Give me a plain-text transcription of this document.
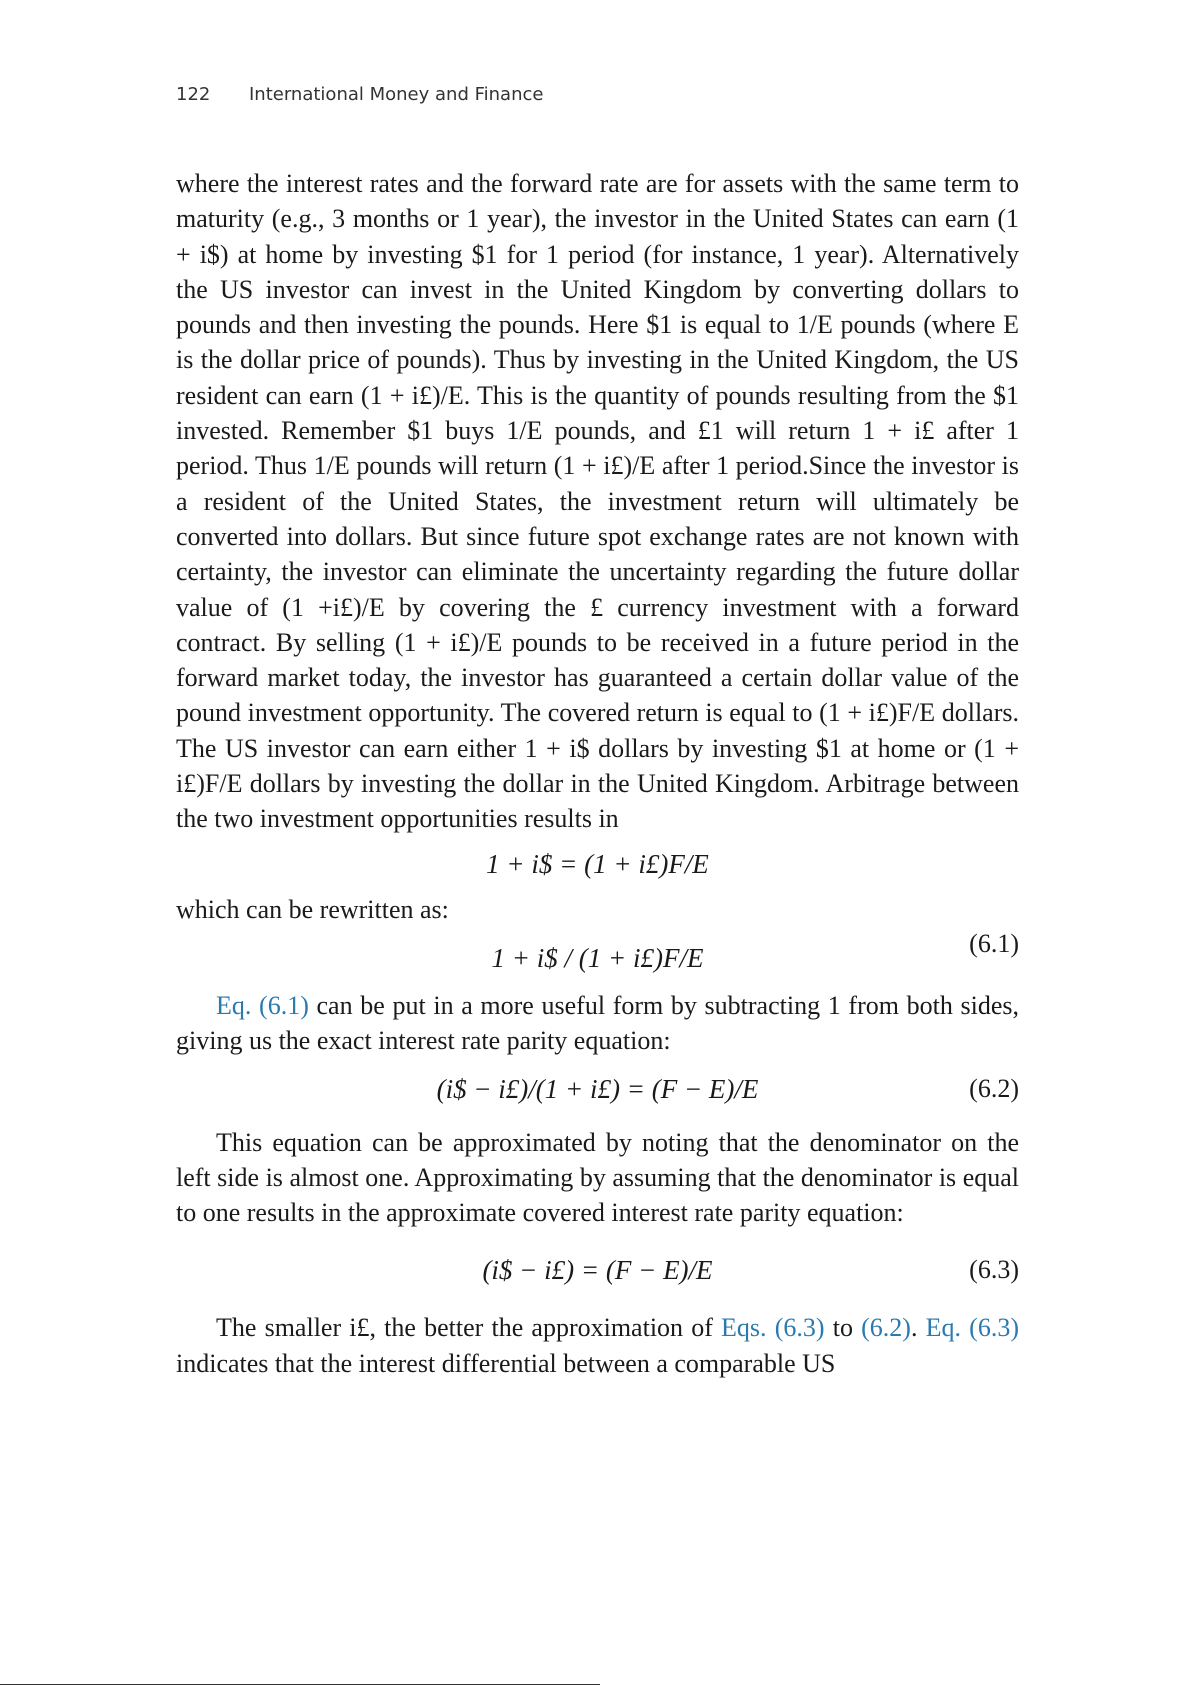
122 International Money and Finance

where the interest rates and the forward rate are for assets with the same term to maturity (e.g., 3 months or 1 year), the investor in the United States can earn (1 + i$) at home by investing $1 for 1 period (for instance, 1 year). Alternatively the US investor can invest in the United Kingdom by converting dollars to pounds and then investing the pounds. Here $1 is equal to 1/E pounds (where E is the dollar price of pounds). Thus by investing in the United Kingdom, the US resident can earn (1 + i£)/E. This is the quantity of pounds resulting from the $1 invested. Remember $1 buys 1/E pounds, and £1 will return 1 + i£ after 1 period. Thus 1/E pounds will return (1 + i£)/E after 1 period.Since the investor is a resident of the United States, the investment return will ultimately be converted into dollars. But since future spot exchange rates are not known with certainty, the investor can eliminate the uncertainty regarding the future dollar value of (1 +i£)/E by covering the £ currency investment with a forward contract. By selling (1 + i£)/E pounds to be received in a future period in the forward market today, the investor has guaranteed a certain dollar value of the pound investment opportunity. The covered return is equal to (1 + i£)F/E dollars. The US investor can earn either 1 + i$ dollars by investing $1 at home or (1 + i£)F/E dollars by investing the dollar in the United Kingdom. Arbitrage between the two investment opportunities results in

1 + i$ = (1 + i£)F/E

which can be rewritten as:

1 + i$ / (1 + i£)F/E	(6.1)

Eq. (6.1) can be put in a more useful form by subtracting 1 from both sides, giving us the exact interest rate parity equation:

(i$ − i£)/(1 + i£) = (F − E)/E	(6.2)

This equation can be approximated by noting that the denominator on the left side is almost one. Approximating by assuming that the denominator is equal to one results in the approximate covered interest rate parity equation:

(i$ − i£) = (F − E)/E	(6.3)

The smaller i£, the better the approximation of Eqs. (6.3) to (6.2). Eq. (6.3) indicates that the interest differential between a comparable US
